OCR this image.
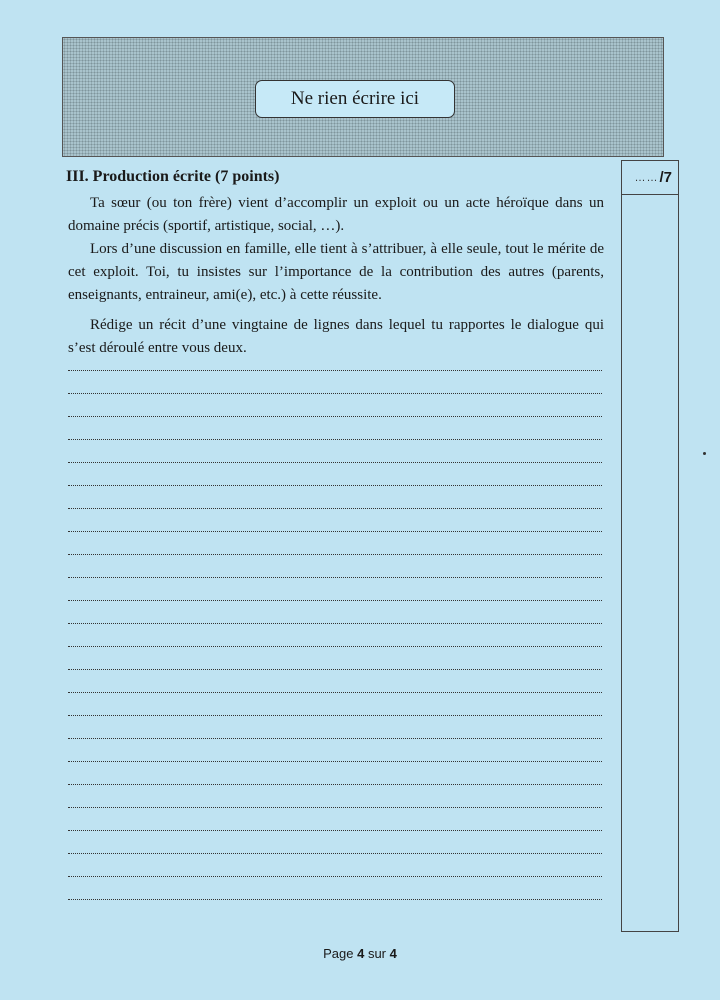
Ne rien écrire ici
III. Production écrite (7 points)

Ta sœur (ou ton frère) vient d’accomplir un exploit ou un acte héroïque dans un domaine précis (sportif, artistique, social, …).

Lors d’une discussion en famille, elle tient à s’attribuer, à elle seule, tout le mérite de cet exploit. Toi, tu insistes sur l’importance de la contribution des autres (parents, enseignants, entraineur, ami(e), etc.) à cette réussite.

Rédige un récit d’une vingtaine de lignes dans lequel tu rapportes le dialogue qui s’est déroulé entre vous deux.

…… /7
Page 4 sur 4
